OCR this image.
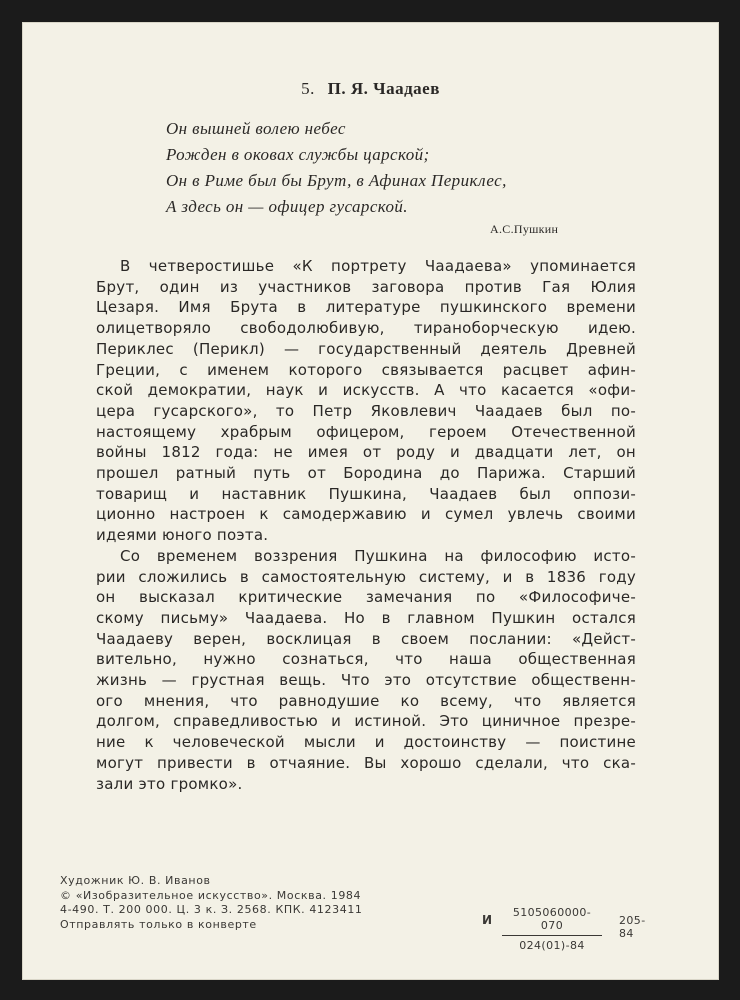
5. П. Я. Чаадаев
Он вышней волею небес
Рожден в оковах службы царской;
Он в Риме был бы Брут, в Афинах Периклес,
А здесь он — офицер гусарской.
А.С.Пушкин
В четверостишье «К портрету Чаадаева» упоминается
Брут, один из участников заговора против Гая Юлия
Цезаря. Имя Брута в литературе пушкинского времени
олицетворяло свободолюбивую, тираноборческую идею.
Периклес (Перикл) — государственный деятель Древней
Греции, с именем которого связывается расцвет афин-
ской демократии, наук и искусств. А что касается «офи-
цера гусарского», то Петр Яковлевич Чаадаев был по-
настоящему храбрым офицером, героем Отечественной
войны 1812 года: не имея от роду и двадцати лет, он
прошел ратный путь от Бородина до Парижа. Старший
товарищ и наставник Пушкина, Чаадаев был оппози-
ционно настроен к самодержавию и сумел увлечь своими
идеями юного поэта.
Со временем воззрения Пушкина на философию исто-
рии сложились в самостоятельную систему, и в 1836 году
он высказал критические замечания по «Философиче-
скому письму» Чаадаева. Но в главном Пушкин остался
Чаадаеву верен, восклицая в своем послании: «Дейст-
вительно, нужно сознаться, что наша общественная
жизнь — грустная вещь. Что это отсутствие общественн-
ого мнения, что равнодушие ко всему, что является
долгом, справедливостью и истиной. Это циничное презре-
ние к человеческой мысли и достоинству — поистине
могут привести в отчаяние. Вы хорошо сделали, что ска-
зали это громко».
Художник Ю. В. Иванов
© «Изобразительное искусство». Москва. 1984
4-490. Т. 200 000. Ц. 3 к. З. 2568. КПК. 4123411
Отправлять только в конверте	И $\frac{5105060000-070}{024(01)-84} 205-84$
